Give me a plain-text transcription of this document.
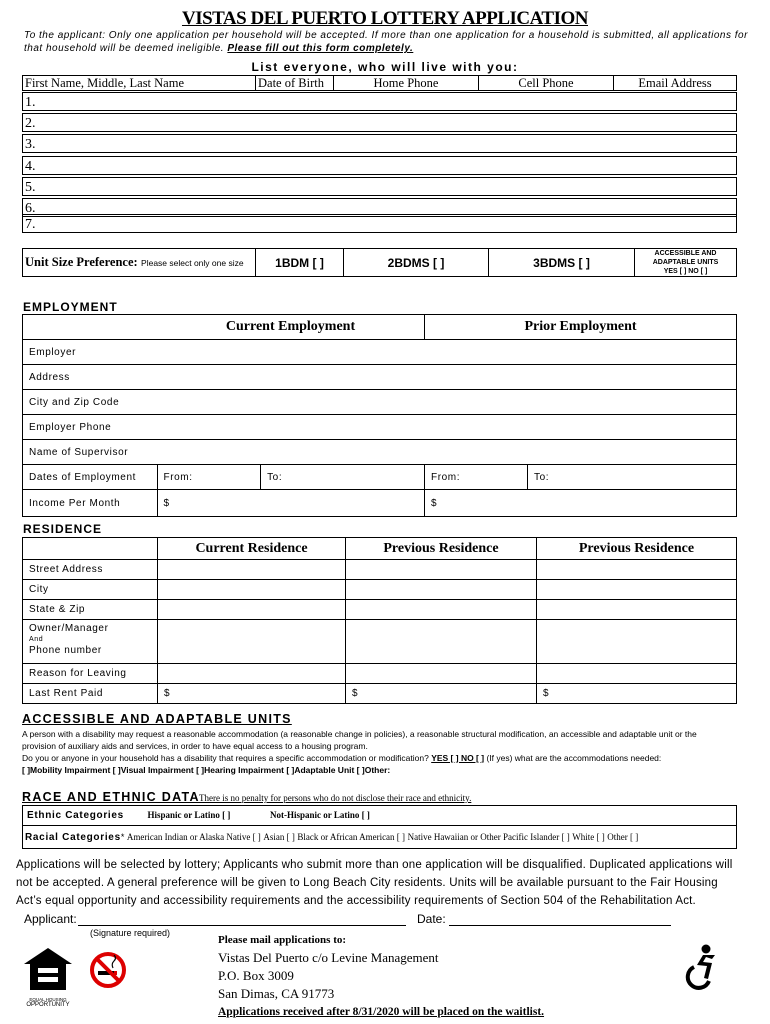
VISTAS DEL PUERTO LOTTERY APPLICATION
To the applicant: Only one application per household will be accepted. If more than one application for a household is submitted, all applications for that household will be deemed ineligible. Please fill out this form completely.
List everyone, who will live with you:
First Name, Middle, Last Name	Date of Birth	Home Phone	Cell Phone	Email Address
1.
2.
3.
4.
5.
6.
7.
Unit Size Preference: Please select only one size	1BDM [ ]	2BDMS [ ]	3BDMS [ ]	
ACCESSIBLE AND ADAPTABLE UNITS
YES [ ] NO [ ]
EMPLOYMENT
	Current Employment		Prior Employment	
Employer				
Address				
City and Zip Code				
Employer Phone				
Name of Supervisor				
Dates of Employment	From:	To:	From:	To:
Income Per Month	$		$	
RESIDENCE
	Current Residence	Previous Residence	Previous Residence
Street Address			
City			
State & Zip			

Owner/Manager
And
Phone number			

Reason for Leaving			
Last Rent Paid	$	$	$
ACCESSIBLE AND ADAPTABLE UNITS
A person with a disability may request a reasonable accommodation (a reasonable change in policies), a reasonable structural modification, an accessible and adaptable unit or the
provision of auxiliary aids and services, in order to have equal access to a housing program.
Do you or anyone in your household has a disability that requires a specific accommodation or modification? YES [ ] NO [ ] (If yes) what are the accommodations needed:
[ ]Mobility Impairment [ ]Visual Impairment [ ]Hearing Impairment [ ]Adaptable Unit [ ]Other:
RACE AND ETHNIC DATA There is no penalty for persons who do not disclose their race and ethnicity.
Ethnic Categories	Hispanic or Latino [ ]	Not-Hispanic or Latino [ ]
Racial Categories* American Indian or Alaska Native [ ] Asian [ ] Black or African American [ ] Native Hawaiian or Other Pacific Islander [ ] White [ ] Other [ ]
Applications will be selected by lottery; Applicants who submit more than one application will be disqualified. Duplicated applications will not be accepted. A general preference will be given to Long Beach City residents. Units will be available pursuant to the Fair Housing Act’s equal opportunity and accessibility requirements and the accessibility requirements of Section 504 of the Rehabilitation Act.
Applicant:	Date:
(Signature required)
Please mail applications to:
Vistas Del Puerto c/o Levine Management
P.O. Box 3009
San Dimas, CA 91773
Applications received after 8/31/2020 will be placed on the waitlist.
EQUAL HOUSING
OPPORTUNITY
